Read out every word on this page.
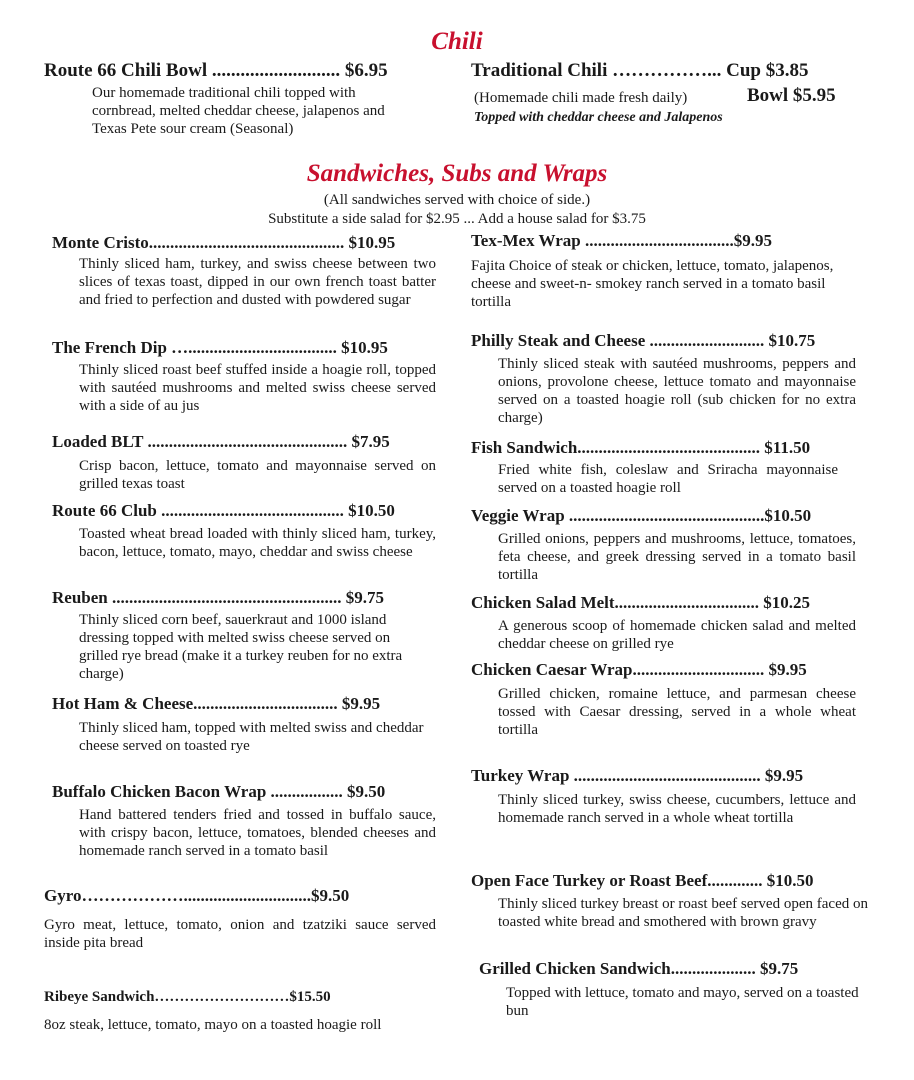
Chili
Route 66 Chili Bowl ........................... $6.95
Our homemade traditional chili topped with cornbread, melted cheddar cheese, jalapenos and Texas Pete sour cream (Seasonal)
Traditional Chili ……………... Cup $3.85
(Homemade chili made fresh daily)	Bowl $5.95
Topped with cheddar cheese and Jalapenos
Sandwiches, Subs and Wraps
(All sandwiches served with choice of side.)
Substitute a side salad for $2.95 ... Add a house salad for $3.75
Monte Cristo.............................................. $10.95
Thinly sliced ham, turkey, and swiss cheese between two slices of texas toast, dipped in our own french toast batter and fried to perfection and dusted with powdered sugar
The French Dip …................................... $10.95
Thinly sliced roast beef stuffed inside a hoagie roll, topped with sautéed mushrooms and melted swiss cheese served with a side of au jus
Loaded BLT ............................................... $7.95
Crisp bacon, lettuce, tomato and mayonnaise served on grilled texas toast
Route 66 Club ........................................... $10.50
Toasted wheat bread loaded with thinly sliced ham, turkey, bacon, lettuce, tomato, mayo, cheddar and swiss cheese
Reuben ...................................................... $9.75
Thinly sliced corn beef, sauerkraut and 1000 island dressing topped with melted swiss cheese served on grilled rye bread (make it a turkey reuben for no extra charge)
Hot Ham & Cheese.................................. $9.95
Thinly sliced ham, topped with melted swiss and cheddar cheese served on toasted rye
Buffalo Chicken Bacon Wrap ................. $9.50
Hand battered tenders fried and tossed in buffalo sauce, with crispy bacon, lettuce, tomatoes, blended cheeses and homemade ranch served in a tomato basil
Gyro………………..............................$9.50
Gyro meat, lettuce, tomato, onion and tzatziki sauce served inside pita bread
Ribeye Sandwich………………………$15.50
8oz steak, lettuce, tomato, mayo on a toasted hoagie roll
Tex-Mex Wrap ...................................$9.95
Fajita Choice of steak or chicken, lettuce, tomato, jalapenos, cheese and sweet-n- smokey ranch served in a tomato basil tortilla
Philly Steak and Cheese ........................... $10.75
Thinly sliced steak with sautéed mushrooms, peppers and onions, provolone cheese, lettuce tomato and mayonnaise served on a toasted hoagie roll (sub chicken for no extra charge)
Fish Sandwich........................................... $11.50
Fried white fish, coleslaw and Sriracha mayonnaise served on a toasted hoagie roll
Veggie Wrap ..............................................$10.50
Grilled onions, peppers and mushrooms, lettuce, tomatoes, feta cheese, and greek dressing served in a tomato basil tortilla
Chicken Salad Melt.................................. $10.25
A generous scoop of homemade chicken salad and melted cheddar cheese on grilled rye
Chicken Caesar Wrap............................... $9.95
Grilled chicken, romaine lettuce, and parmesan cheese tossed with Caesar dressing, served in a whole wheat tortilla
Turkey Wrap ............................................ $9.95
Thinly sliced turkey, swiss cheese, cucumbers, lettuce and homemade ranch served in a whole wheat tortilla
Open Face Turkey or Roast Beef............. $10.50
Thinly sliced turkey breast or roast beef served open faced on toasted white bread and smothered with brown gravy
Grilled Chicken Sandwich.................... $9.75
Topped with lettuce, tomato and mayo, served on a toasted bun
